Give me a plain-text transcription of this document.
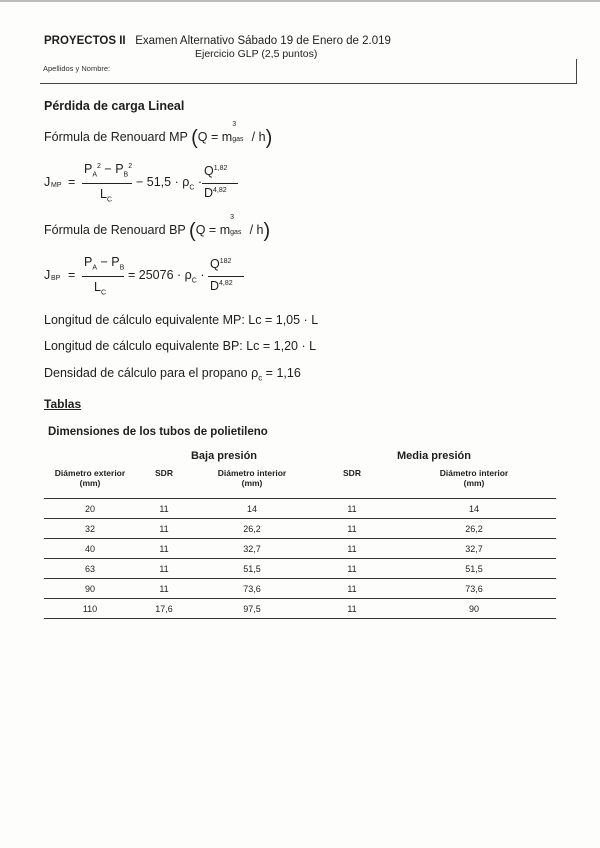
PROYECTOS II Examen Alternativo Sábado 19 de Enero de 2.019
Ejercicio GLP (2,5 puntos)
Apellidos y Nombre:
Pérdida de carga Lineal
Fórmula de Renouard MP (Q = m
3
gas / h)
J MP =
$P_A^2 - P_B^2$
$L_C$
− $51,5 \cdot \rho_C$ ·
Q$^{1,82}$
D$^{4,82}$
Fórmula de Renouard BP (Q = m
3
gas / h)
J BP =
$P_A - P_B$
$L_C$
= $25076 \cdot \rho_C$ ·
$Q^{182}$
D$^{4,82}$
Longitud de cálculo equivalente MP: Lc = 1,05 · L
Longitud de cálculo equivalente BP: Lc = 1,20 · L
Densidad de cálculo para el propano $\rho_c = 1,16$
Tablas
Dimensiones de los tubos de polietileno
	Baja presión		Media presión	
Diámetro exterior
(mm)	SDR	Diámetro interior
(mm)	SDR	Diámetro interior
(mm)
20	11	14	11	14
32	11	26,2	11	26,2
40	11	32,7	11	32,7
63	11	51,5	11	51,5
90	11	73,6	11	73,6
110	17,6	97,5	11	90
